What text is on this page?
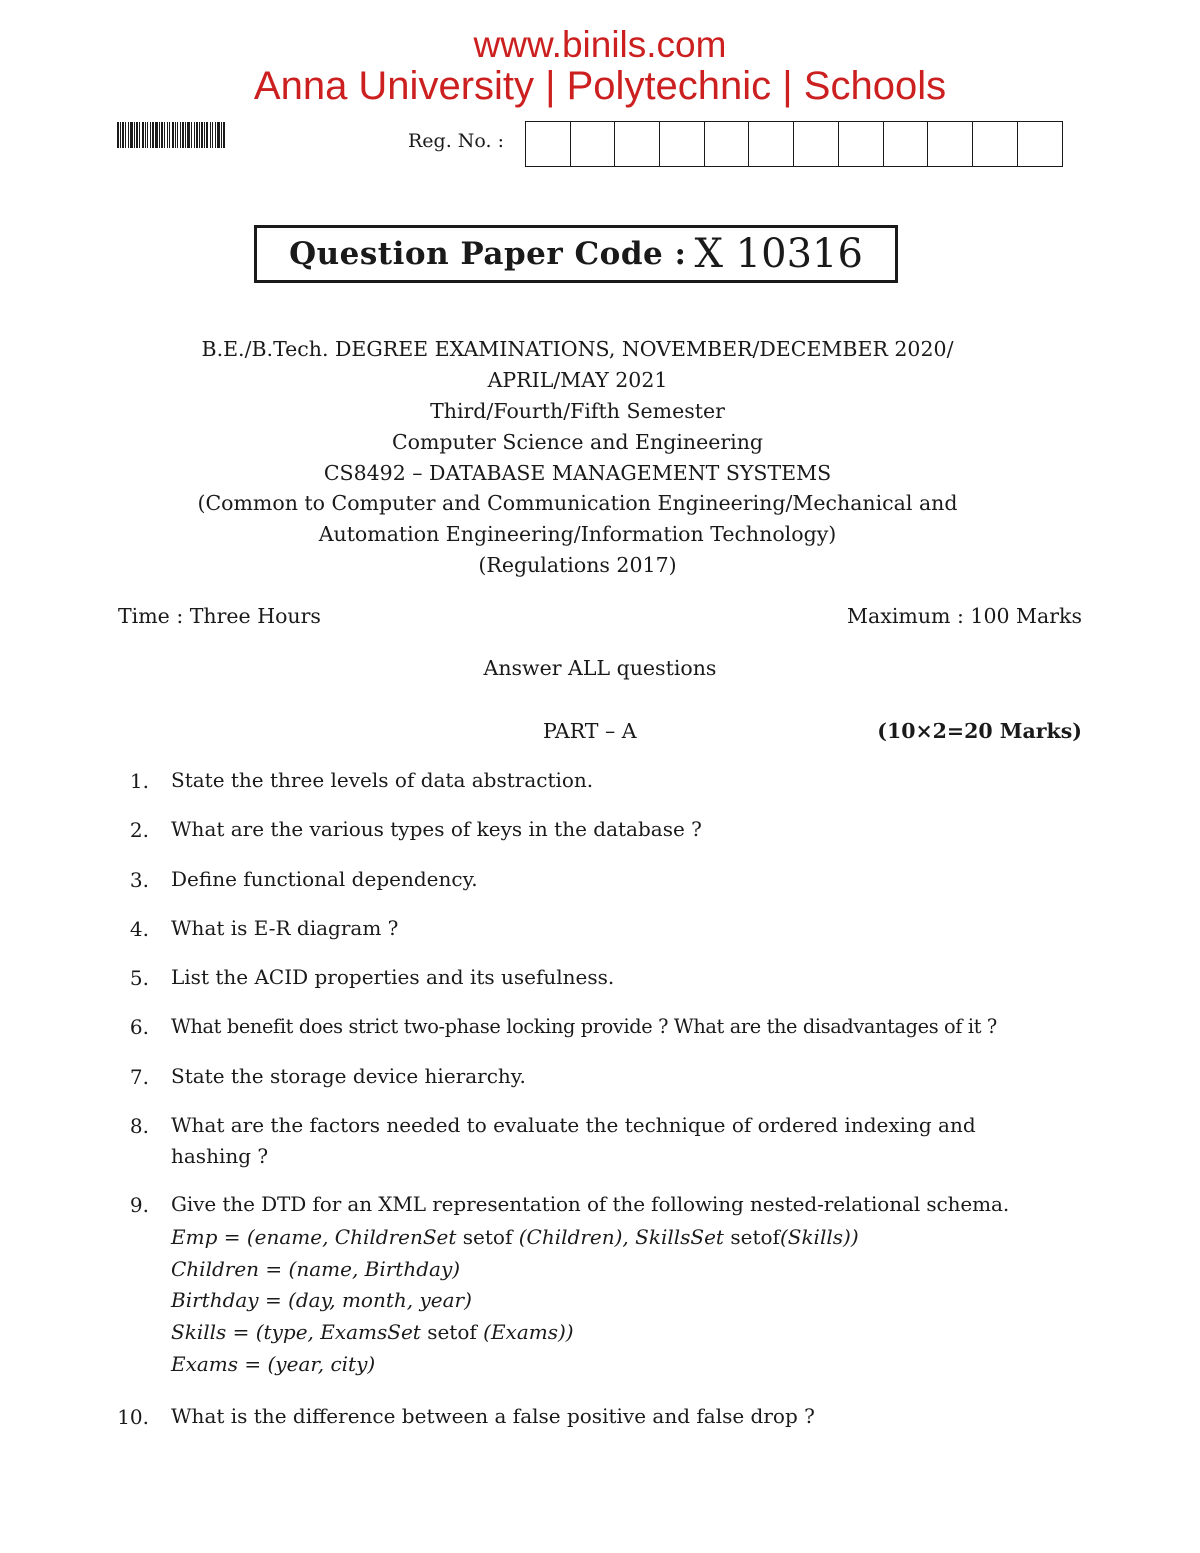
www.binils.com
Anna University | Polytechnic | Schools
Reg. No. :
Question Paper Code : X 10316
B.E./B.Tech. DEGREE EXAMINATIONS, NOVEMBER/DECEMBER 2020/
APRIL/MAY 2021
Third/Fourth/Fifth Semester
Computer Science and Engineering
CS8492 – DATABASE MANAGEMENT SYSTEMS
(Common to Computer and Communication Engineering/Mechanical and
Automation Engineering/Information Technology)
(Regulations 2017)
Time : Three Hours	Maximum : 100 Marks
Answer ALL questions
PART – A	(10×2=20 Marks)
1. State the three levels of data abstraction.
2. What are the various types of keys in the database ?
3. Define functional dependency.
4. What is E-R diagram ?
5. List the ACID properties and its usefulness.
6. What benefit does strict two-phase locking provide ? What are the disadvantages of it ?
7. State the storage device hierarchy.
8. What are the factors needed to evaluate the technique of ordered indexing and
hashing ?
9. Give the DTD for an XML representation of the following nested-relational schema.
Emp = (ename, ChildrenSet setof (Children), SkillsSet setof(Skills))
Children = (name, Birthday)
Birthday = (day, month, year)
Skills = (type, ExamsSet setof (Exams))
Exams = (year, city)
10. What is the difference between a false positive and false drop ?
